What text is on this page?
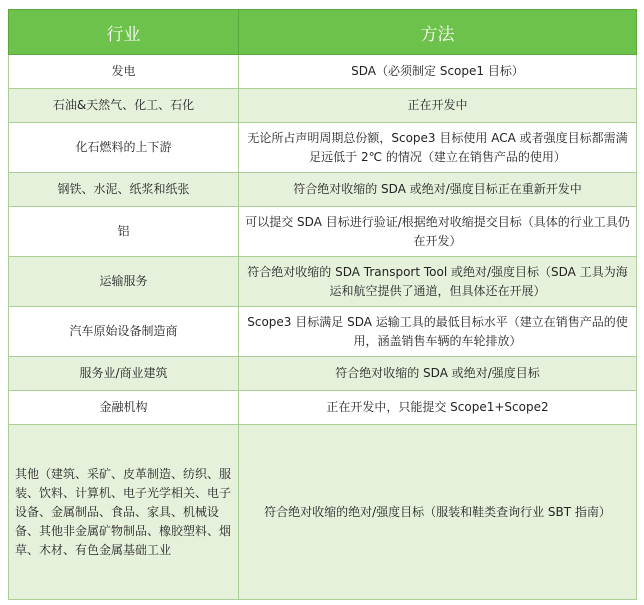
行业	方法
发电	SDA（必须制定 Scope1 目标）
石油&天然气、化工、石化	正在开发中
化石燃料的上下游	无论所占声明周期总份额，Scope3 目标使用 ACA 或者强度目标都需满足远低于 2℃ 的情况（建立在销售产品的使用）
钢铁、水泥、纸浆和纸张	符合绝对收缩的 SDA 或绝对/强度目标正在重新开发中
铝	可以提交 SDA 目标进行验证/根据绝对收缩提交目标（具体的行业工具仍在开发）
运输服务	符合绝对收缩的 SDA Transport Tool 或绝对/强度目标（SDA 工具为海运和航空提供了通道，但具体还在开展）
汽车原始设备制造商	Scope3 目标满足 SDA 运输工具的最低目标水平（建立在销售产品的使用，涵盖销售车辆的车轮排放）
服务业/商业建筑	符合绝对收缩的 SDA 或绝对/强度目标
金融机构	正在开发中，只能提交 Scope1+Scope2
其他（建筑、采矿、皮革制造、纺织、服装、饮料、计算机、电子光学相关、电子设备、金属制品、食品、家具、机械设备、其他非金属矿物制品、橡胶塑料、烟草、木材、有色金属基础工业	符合绝对收缩的绝对/强度目标（服装和鞋类查询行业 SBT 指南）
